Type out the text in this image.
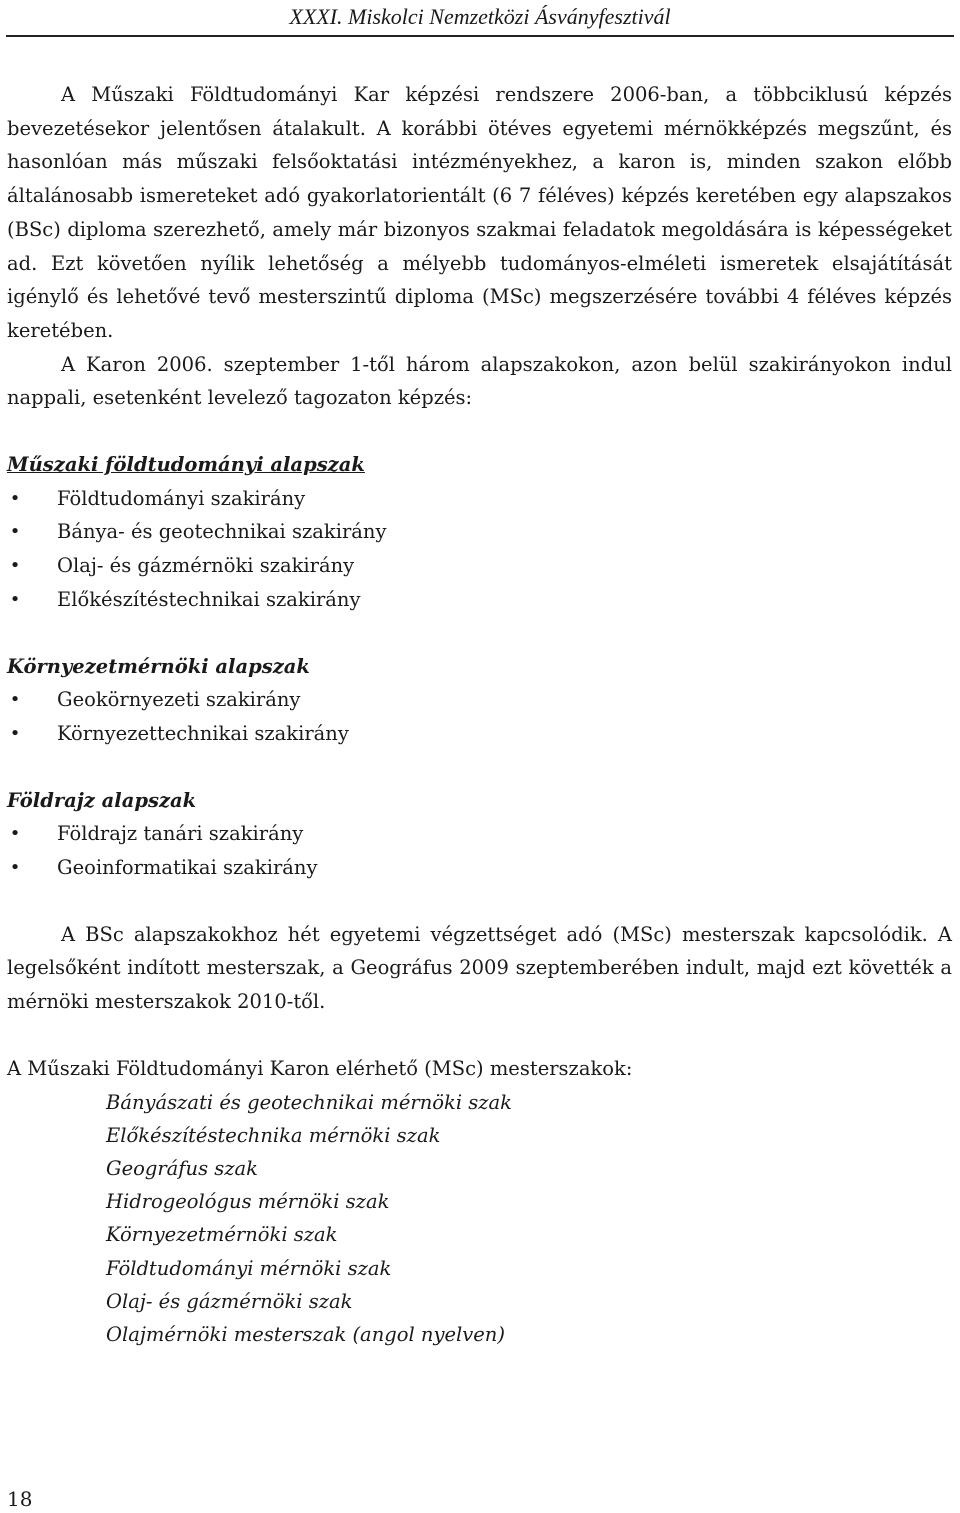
XXXI. Miskolci Nemzetközi Ásványfesztivál

A Műszaki Földtudományi Kar képzési rendszere 2006-ban, a többciklusú képzés bevezetésekor jelentősen átalakult. A korábbi ötéves egyetemi mérnökképzés megszűnt, és hasonlóan más műszaki felsőoktatási intézményekhez, a karon is, minden szakon előbb általánosabb ismereteket adó gyakorlatorientált (6 7 féléves) képzés keretében egy alapszakos (BSc) diploma szerezhető, amely már bizonyos szakmai feladatok megoldására is képességeket ad. Ezt követően nyílik lehetőség a mélyebb tudományos-elméleti ismeretek elsajátítását igénylő és lehetővé tevő mesterszintű diploma (MSc) megszerzésére további 4 féléves képzés keretében.

A Karon 2006. szeptember 1-től három alapszakokon, azon belül szakirányokon indul nappali, esetenként levelező tagozaton képzés:

Műszaki földtudományi alapszak

• Földtudományi szakirány
• Bánya- és geotechnikai szakirány
• Olaj- és gázmérnöki szakirány
• Előkészítéstechnikai szakirány

Környezetmérnöki alapszak

• Geokörnyezeti szakirány
• Környezettechnikai szakirány

Földrajz alapszak

• Földrajz tanári szakirány
• Geoinformatikai szakirány

A BSc alapszakokhoz hét egyetemi végzettséget adó (MSc) mesterszak kapcsolódik. A legelsőként indított mesterszak, a Geográfus 2009 szeptemberében indult, majd ezt követték a mérnöki mesterszakok 2010-től.

A Műszaki Földtudományi Karon elérhető (MSc) mesterszakok:

Bányászati és geotechnikai mérnöki szak
Előkészítéstechnika mérnöki szak
Geográfus szak
Hidrogeológus mérnöki szak
Környezetmérnöki szak
Földtudományi mérnöki szak
Olaj- és gázmérnöki szak
Olajmérnöki mesterszak (angol nyelven)
18
